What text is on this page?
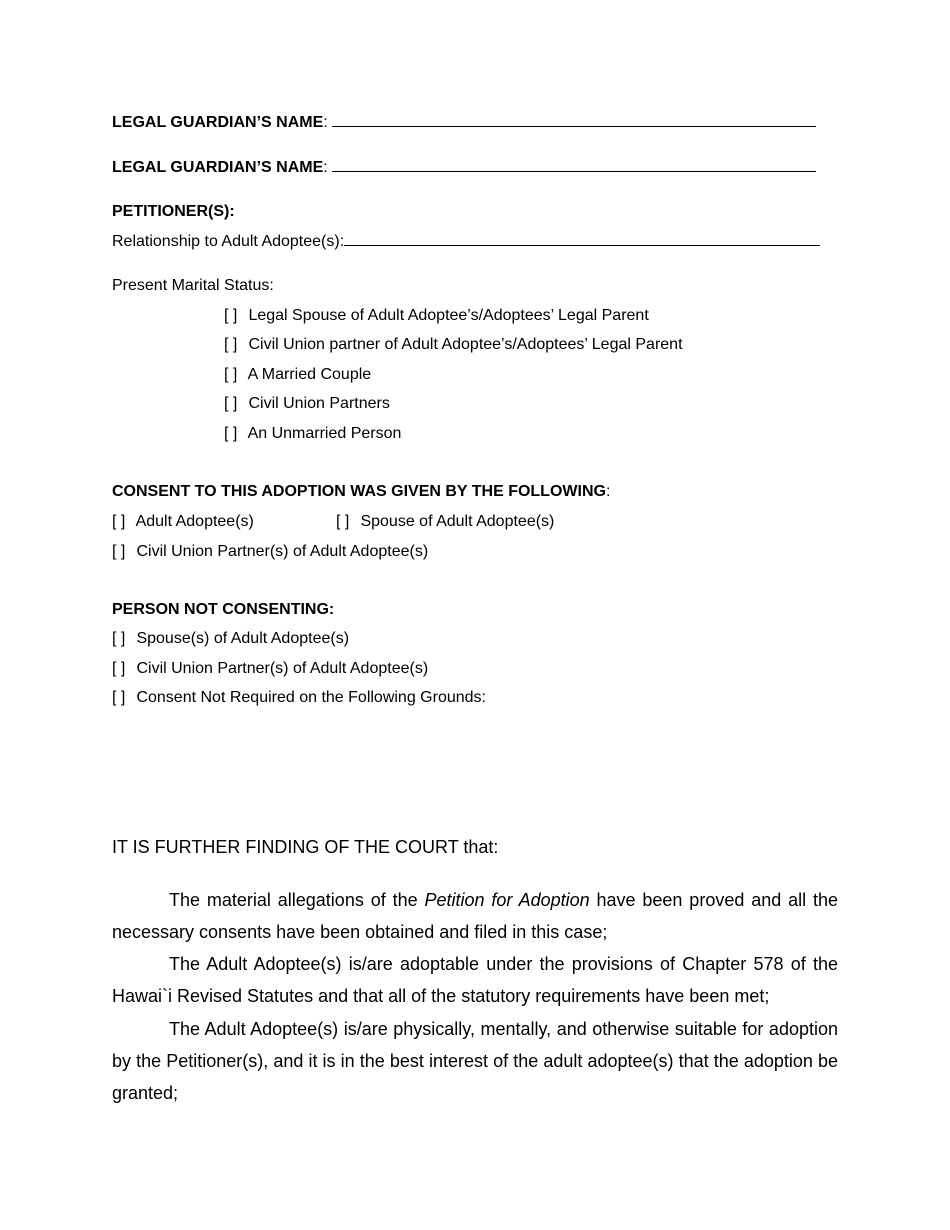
LEGAL GUARDIAN’S NAME:
LEGAL GUARDIAN’S NAME:
PETITIONER(S):
Relationship to Adult Adoptee(s):
Present Marital Status:
[ ] Legal Spouse of Adult Adoptee’s/Adoptees’ Legal Parent
[ ] Civil Union partner of Adult Adoptee’s/Adoptees’ Legal Parent
[ ] A Married Couple
[ ] Civil Union Partners
[ ] An Unmarried Person
CONSENT TO THIS ADOPTION WAS GIVEN BY THE FOLLOWING:
[ ] Adult Adoptee(s)	[ ] Spouse of Adult Adoptee(s)
[ ] Civil Union Partner(s) of Adult Adoptee(s)
PERSON NOT CONSENTING:
[ ] Spouse(s) of Adult Adoptee(s)
[ ] Civil Union Partner(s) of Adult Adoptee(s)
[ ] Consent Not Required on the Following Grounds:
IT IS FURTHER FINDING OF THE COURT that:
The material allegations of the Petition for Adoption have been proved and all the necessary consents have been obtained and filed in this case;
The Adult Adoptee(s) is/are adoptable under the provisions of Chapter 578 of the Hawai`i Revised Statutes and that all of the statutory requirements have been met;
The Adult Adoptee(s) is/are physically, mentally, and otherwise suitable for adoption by the Petitioner(s), and it is in the best interest of the adult adoptee(s) that the adoption be granted;
